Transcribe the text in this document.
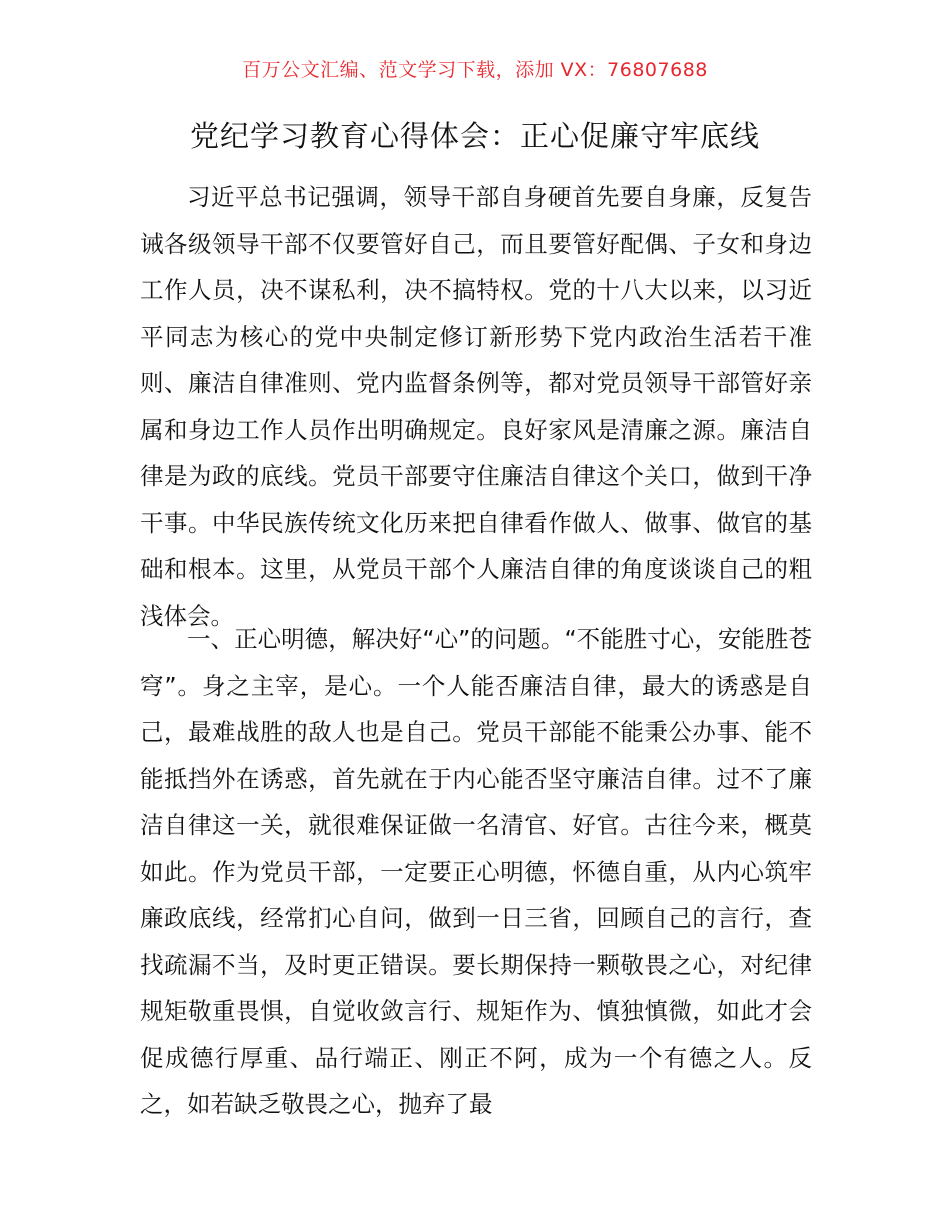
百万公文汇编、范文学习下载，添加 VX：76807688
党纪学习教育心得体会：正心促廉守牢底线

习近平总书记强调，领导干部自身硬首先要自身廉，反复告诫各级领导干部不仅要管好自己，而且要管好配偶、子女和身边工作人员，决不谋私利，决不搞特权。党的十八大以来，以习近平同志为核心的党中央制定修订新形势下党内政治生活若干准则、廉洁自律准则、党内监督条例等，都对党员领导干部管好亲属和身边工作人员作出明确规定。良好家风是清廉之源。廉洁自律是为政的底线。党员干部要守住廉洁自律这个关口，做到干净干事。中华民族传统文化历来把自律看作做人、做事、做官的基础和根本。这里，从党员干部个人廉洁自律的角度谈谈自己的粗浅体会。

一、正心明德，解决好“心”的问题。“不能胜寸心，安能胜苍穹”。身之主宰，是心。一个人能否廉洁自律，最大的诱惑是自己，最难战胜的敌人也是自己。党员干部能不能秉公办事、能不能抵挡外在诱惑，首先就在于内心能否坚守廉洁自律。过不了廉洁自律这一关，就很难保证做一名清官、好官。古往今来，概莫如此。作为党员干部，一定要正心明德，怀德自重，从内心筑牢廉政底线，经常扪心自问，做到一日三省，回顾自己的言行，查找疏漏不当，及时更正错误。要长期保持一颗敬畏之心，对纪律规矩敬重畏惧，自觉收敛言行、规矩作为、慎独慎微，如此才会促成德行厚重、品行端正、刚正不阿，成为一个有德之人。反之，如若缺乏敬畏之心，抛弃了最
